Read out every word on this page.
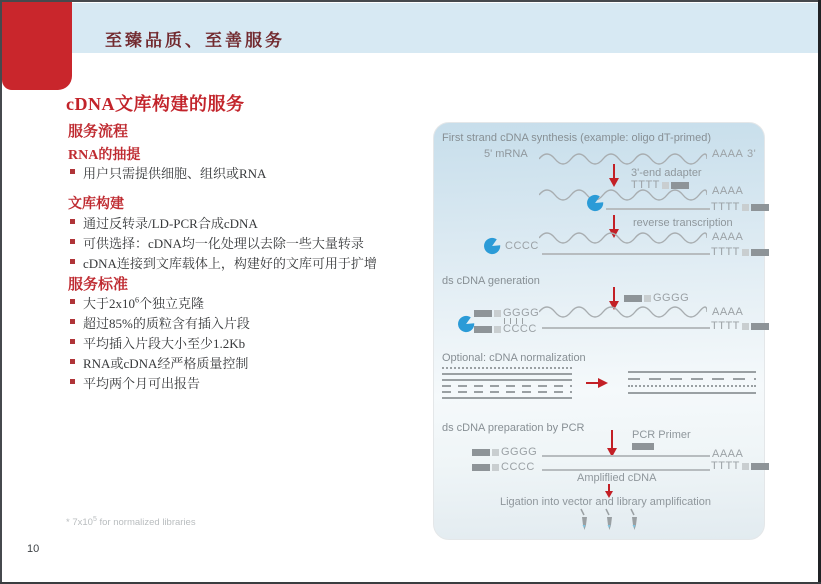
至臻品质、至善服务
cDNA文库构建的服务
服务流程
RNA的抽提
用户只需提供细胞、组织或RNA
文库构建
通过反转录/LD-PCR合成cDNA
可供选择：cDNA均一化处理以去除一些大量转录
cDNA连接到文库载体上，构建好的文库可用于扩增
服务标准
大于$2x10^6$个独立克隆
超过85%的质粒含有插入片段
平均插入片段大小至少1.2Kb
RNA或cDNA经严格质量控制
平均两个月可出报告
* $7x10^5$ for normalized libraries
10
First strand cDNA synthesis (example: oligo dT-primed)
5' mRNA	AAAA 3'
3'-end adapter
TTTT	AAAA
TTTT
reverse transcription
AAAA
CCCC	TTTT
ds cDNA generation
GGGG
GGGG
CCCC
AAAA
TTTT
Optional: cDNA normalization
ds cDNA preparation by PCR
PCR Primer
GGGG	AAAA
CCCC	TTTT
Ampliflied cDNA
Ligation into vector and library amplification
